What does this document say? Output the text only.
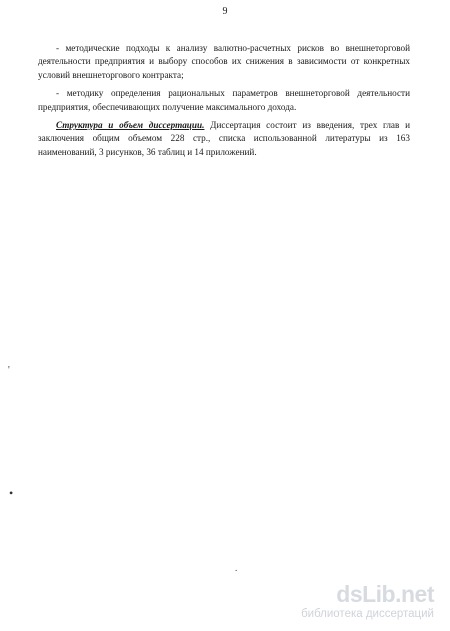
9

- методические подходы к анализу валютно-расчетных рисков во внешнеторговой деятельности предприятия и выбору способов их снижения в зависимости от конкретных условий внешнеторгового контракта;

- методику определения рациональных параметров внешнеторговой деятельности предприятия, обеспечивающих получение максимального дохода.

Структура и объем диссертации. Диссертация состоит из введения, трех глав и заключения общим объемом 228 стр., списка использованной литературы из 163 наименований, 3 рисунков, 36 таблиц и 14 приложений.

'
•
.
dsLib.net
библиотека диссертаций
